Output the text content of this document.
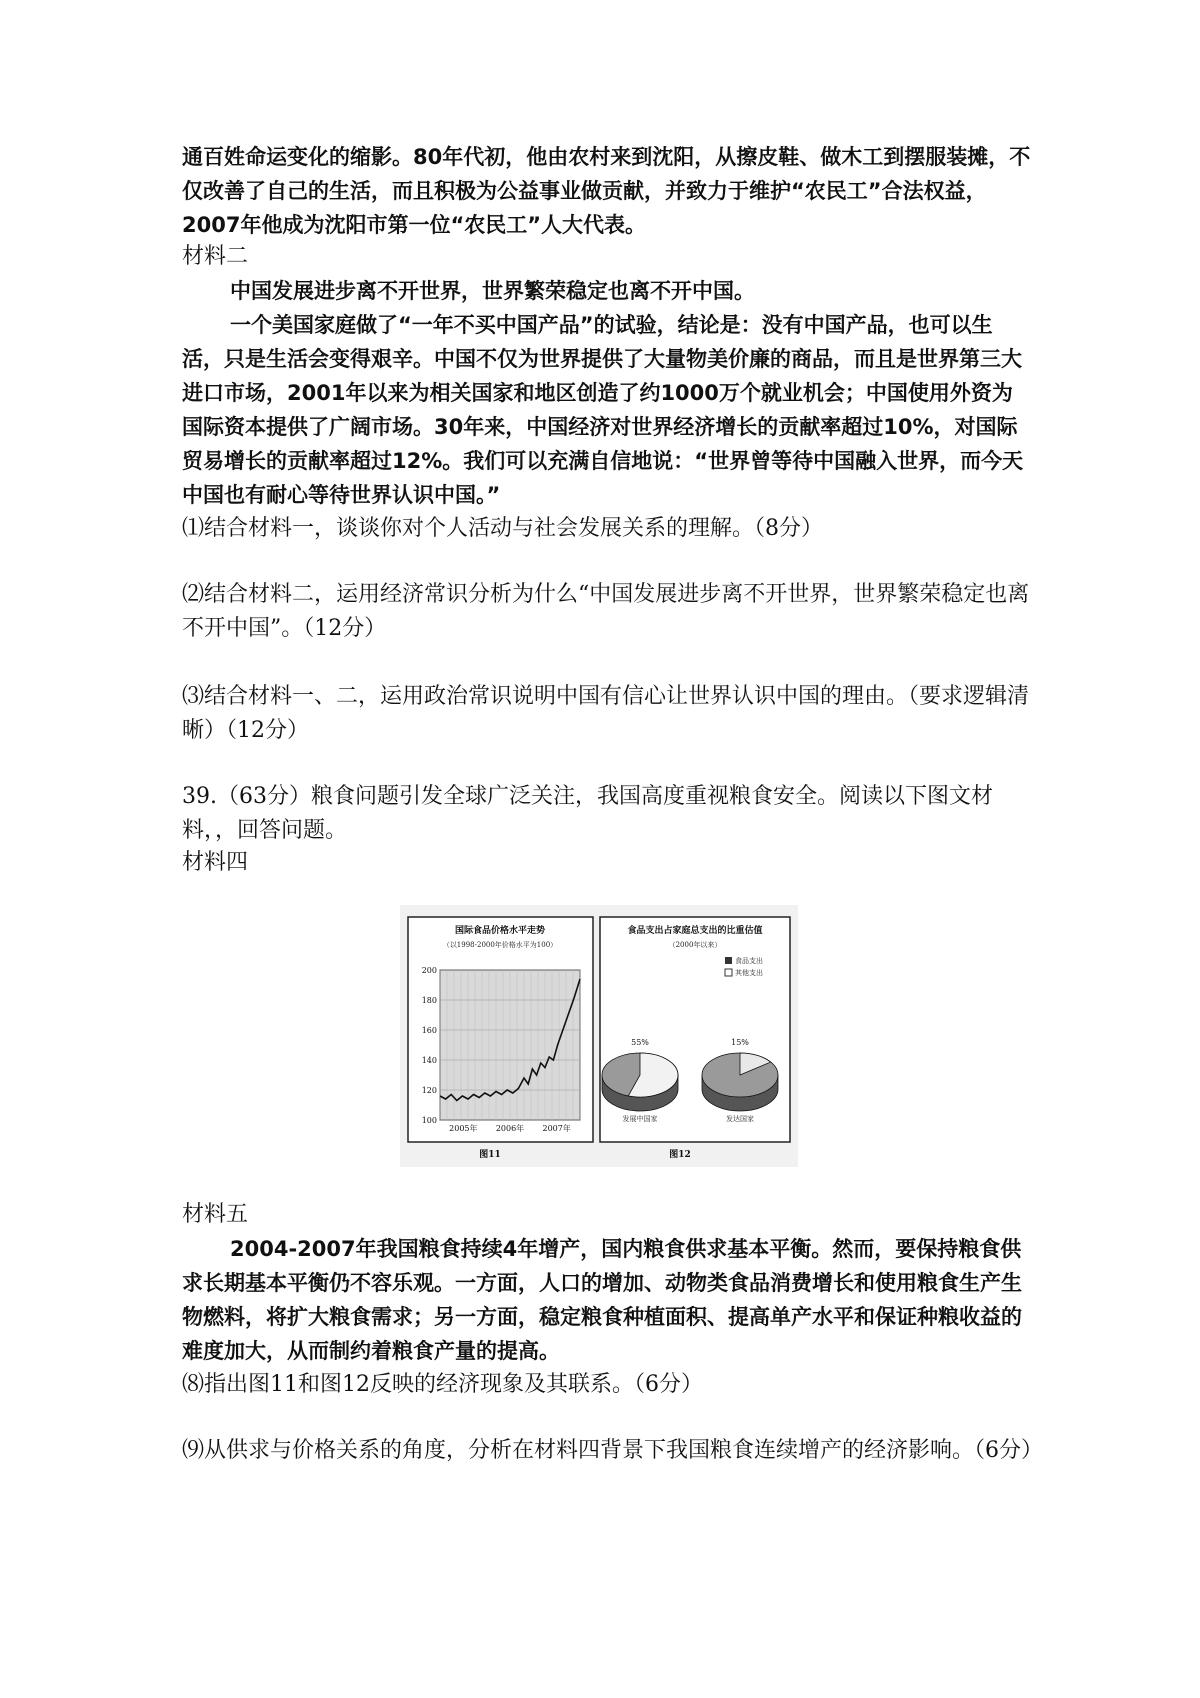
通百姓命运变化的缩影。80年代初，他由农村来到沈阳，从擦皮鞋、做木工到摆服装摊，不仅改善了自己的生活，而且积极为公益事业做贡献，并致力于维护“农民工”合法权益，2007年他成为沈阳市第一位“农民工”人大代表。

材料二

中国发展进步离不开世界，世界繁荣稳定也离不开中国。

一个美国家庭做了“一年不买中国产品”的试验，结论是：没有中国产品，也可以生活，只是生活会变得艰辛。中国不仅为世界提供了大量物美价廉的商品，而且是世界第三大进口市场，2001年以来为相关国家和地区创造了约1000万个就业机会；中国使用外资为国际资本提供了广阔市场。30年来，中国经济对世界经济增长的贡献率超过10%，对国际贸易增长的贡献率超过12%。我们可以充满自信地说：“世界曾等待中国融入世界，而今天中国也有耐心等待世界认识中国。”

⑴结合材料一，谈谈你对个人活动与社会发展关系的理解。（8分）

⑵结合材料二，运用经济常识分析为什么“中国发展进步离不开世界，世界繁荣稳定也离不开中国”。（12分）

⑶结合材料一、二，运用政治常识说明中国有信心让世界认识中国的理由。（要求逻辑清晰）（12分）

39.（63分）粮食问题引发全球广泛关注，我国高度重视粮食安全。阅读以下图文材料，，回答问题。

材料四
国际食品价格水平走势
（以1998-2000年价格水平为100）
100
120
140
160
180
200
2005年 2006年 2007年
图11
食品支出占家庭总支出的比重估值
（2000年以来）
食品支出
其他支出
55%
发展中国家
15%
发达国家
图12
材料五

2004-2007年我国粮食持续4年增产，国内粮食供求基本平衡。然而，要保持粮食供求长期基本平衡仍不容乐观。一方面，人口的增加、动物类食品消费增长和使用粮食生产生物燃料，将扩大粮食需求；另一方面，稳定粮食种植面积、提高单产水平和保证种粮收益的难度加大，从而制约着粮食产量的提高。

⑻指出图11和图12反映的经济现象及其联系。（6分）

⑼从供求与价格关系的角度，分析在材料四背景下我国粮食连续增产的经济影响。（6分）
